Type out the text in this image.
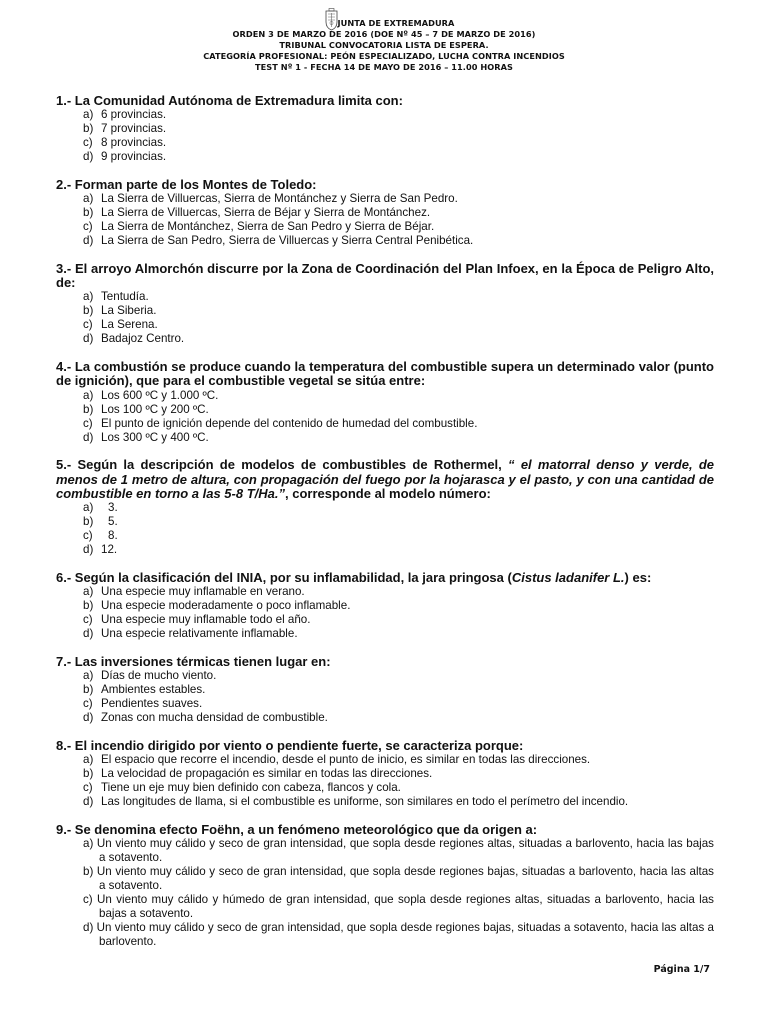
JUNTA DE EXTREMADURA
ORDEN 3 DE MARZO DE 2016 (DOE Nº 45 – 7 DE MARZO DE 2016)
TRIBUNAL CONVOCATORIA LISTA DE ESPERA.
CATEGORÍA PROFESIONAL: PEÓN ESPECIALIZADO, LUCHA CONTRA INCENDIOS
TEST Nº 1 - FECHA 14 DE MAYO DE 2016 – 11.00 HORAS
1.- La Comunidad Autónoma de Extremadura limita con:
a) 6 provincias.
b) 7 provincias.
c) 8 provincias.
d) 9 provincias.
2.- Forman parte de los Montes de Toledo:
a) La Sierra de Villuercas, Sierra de Montánchez y Sierra de San Pedro.
b) La Sierra de Villuercas, Sierra de Béjar y Sierra de Montánchez.
c) La Sierra de Montánchez, Sierra de San Pedro y Sierra de Béjar.
d) La Sierra de San Pedro, Sierra de Villuercas y Sierra Central Penibética.
3.- El arroyo Almorchón discurre por la Zona de Coordinación del Plan Infoex, en la Época de Peligro Alto, de:
a) Tentudía.
b) La Siberia.
c) La Serena.
d) Badajoz Centro.
4.- La combustión se produce cuando la temperatura del combustible supera un determinado valor (punto de ignición), que para el combustible vegetal se sitúa entre:
a) Los 600 ºC y 1.000 ºC.
b) Los 100 ºC y 200 ºC.
c) El punto de ignición depende del contenido de humedad del combustible.
d) Los 300 ºC y 400 ºC.
5.- Según la descripción de modelos de combustibles de Rothermel, “ el matorral denso y verde, de menos de 1 metro de altura, con propagación del fuego por la hojarasca y el pasto, y con una cantidad de combustible en torno a las 5-8 T/Ha.”, corresponde al modelo número:
a) 3.
b) 5.
c) 8.
d) 12.
6.- Según la clasificación del INIA, por su inflamabilidad, la jara pringosa (Cistus ladanifer L.) es:
a) Una especie muy inflamable en verano.
b) Una especie moderadamente o poco inflamable.
c) Una especie muy inflamable todo el año.
d) Una especie relativamente inflamable.
7.- Las inversiones térmicas tienen lugar en:
a) Días de mucho viento.
b) Ambientes estables.
c) Pendientes suaves.
d) Zonas con mucha densidad de combustible.
8.- El incendio dirigido por viento o pendiente fuerte, se caracteriza porque:
a) El espacio que recorre el incendio, desde el punto de inicio, es similar en todas las direcciones.
b) La velocidad de propagación es similar en todas las direcciones.
c) Tiene un eje muy bien definido con cabeza, flancos y cola.
d) Las longitudes de llama, si el combustible es uniforme, son similares en todo el perímetro del incendio.
9.- Se denomina efecto Foëhn, a un fenómeno meteorológico que da origen a:
a) Un viento muy cálido y seco de gran intensidad, que sopla desde regiones altas, situadas a barlovento, hacia las bajas a sotavento.
b) Un viento muy cálido y seco de gran intensidad, que sopla desde regiones bajas, situadas a barlovento, hacia las altas a sotavento.
c) Un viento muy cálido y húmedo de gran intensidad, que sopla desde regiones altas, situadas a barlovento, hacia las bajas a sotavento.
d) Un viento muy cálido y seco de gran intensidad, que sopla desde regiones bajas, situadas a sotavento, hacia las altas a barlovento.
Página 1/7
